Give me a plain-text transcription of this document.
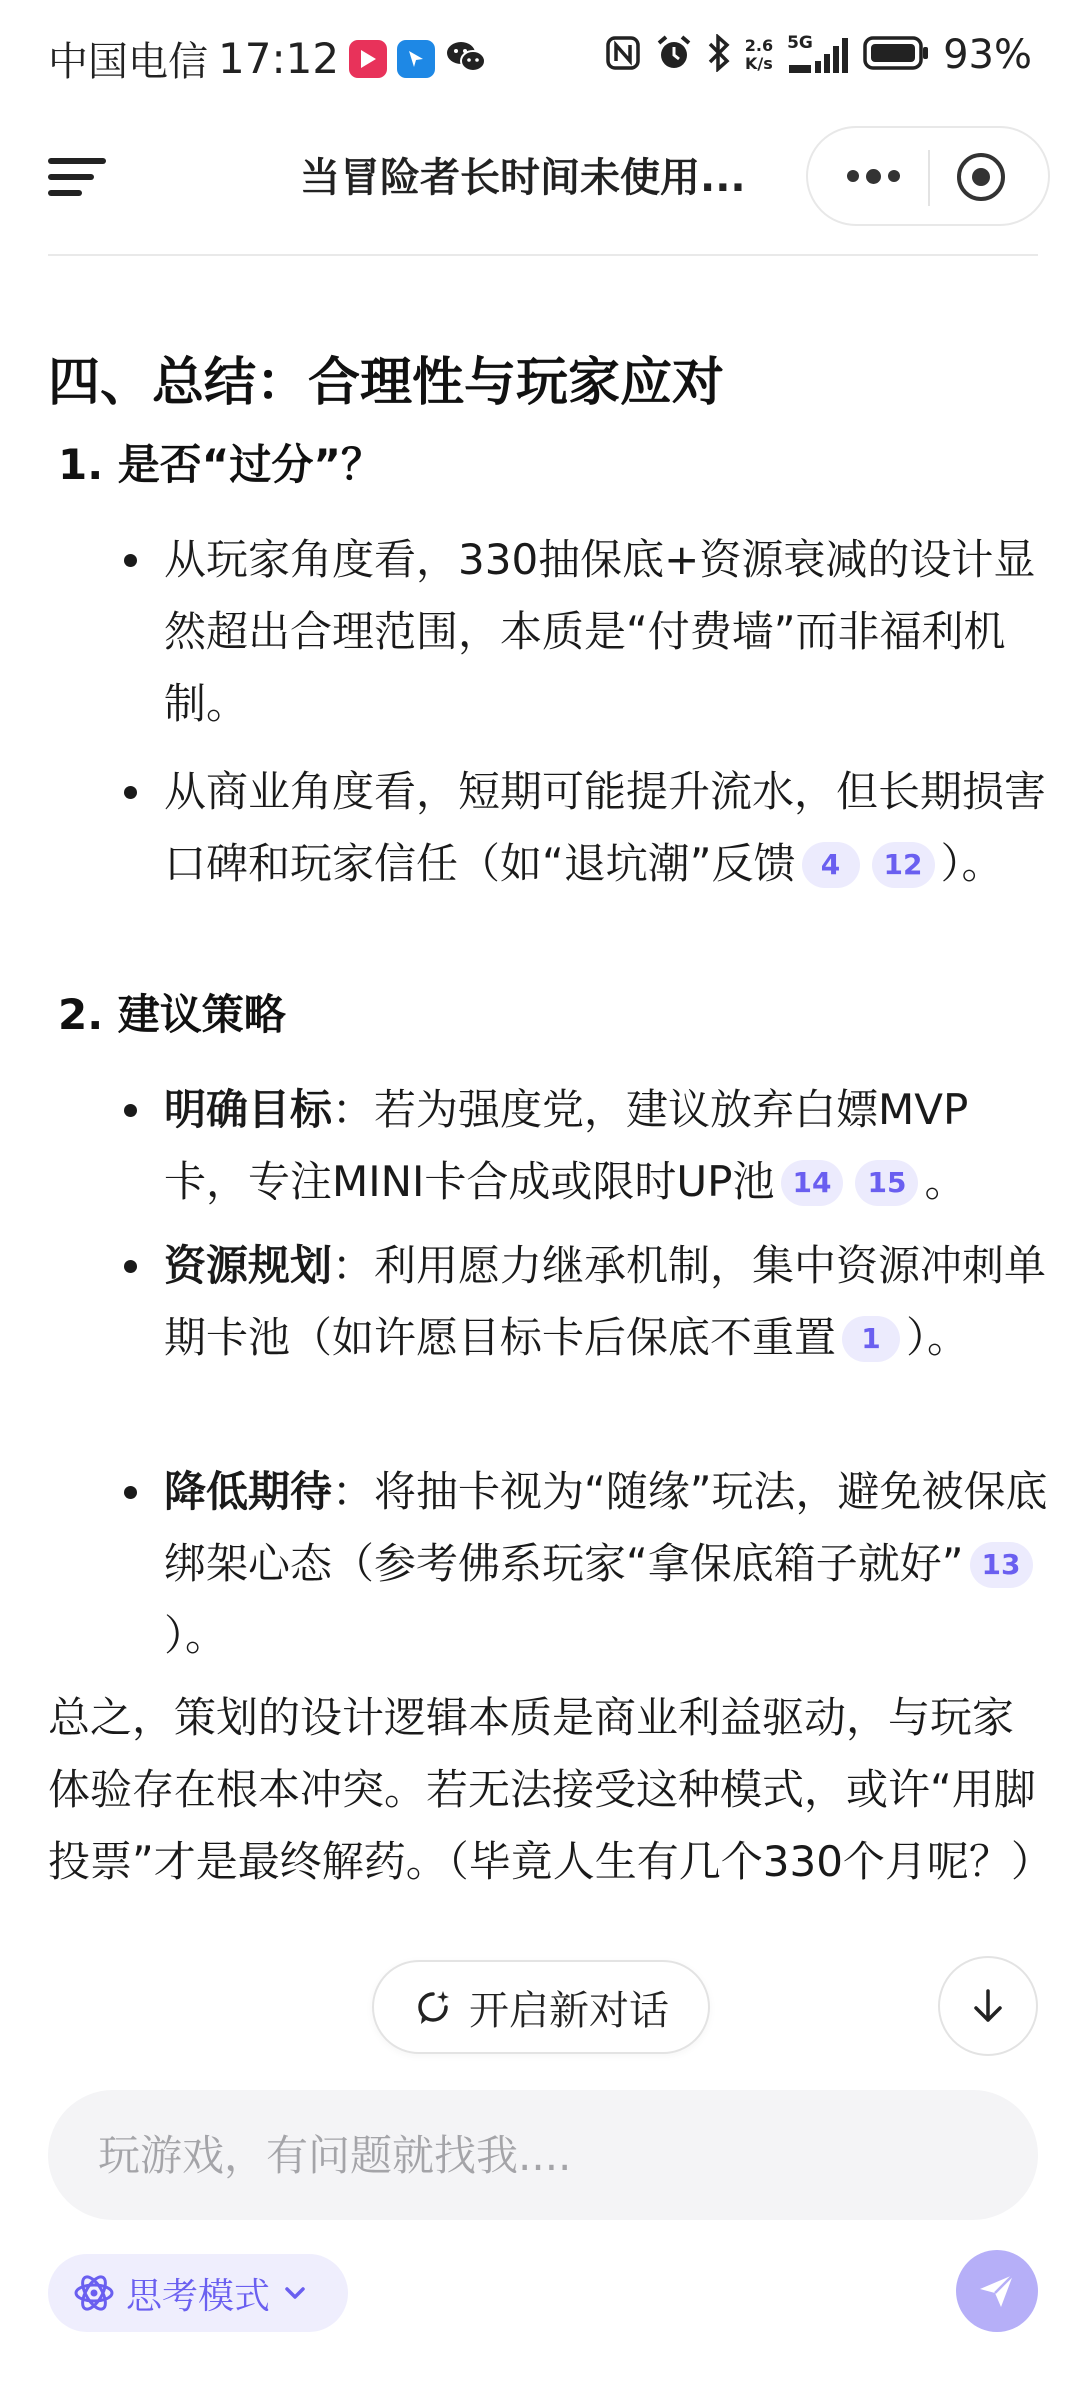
中国电信 17:12	2.6
K/s
5G	93%
当冒险者长时间未使用...
四、总结：合理性与玩家应对
1. 是否“过分”？

从玩家角度看，330抽保底+资源衰减的设计显然超出合理范围，本质是“付费墙”而非福利机制。

从商业角度看，短期可能提升流水，但长期损害口碑和玩家信任（如“退坑潮”反馈 4 12 ）。

2. 建议策略

明确目标：若为强度党，建议放弃白嫖MVP卡，专注MINI卡合成或限时UP池 14 15 。

资源规划：利用愿力继承机制，集中资源冲刺单期卡池（如许愿目标卡后保底不重置 1 ）。

降低期待：将抽卡视为“随缘”玩法，避免被保底绑架心态（参考佛系玩家“拿保底箱子就好” 13）。

总之，策划的设计逻辑本质是商业利益驱动，与玩家体验存在根本冲突。若无法接受这种模式，或许“用脚投票”才是最终解药。（毕竟人生有几个330个月呢？）
开启新对话
玩游戏，有问题就找我....
思考模式
